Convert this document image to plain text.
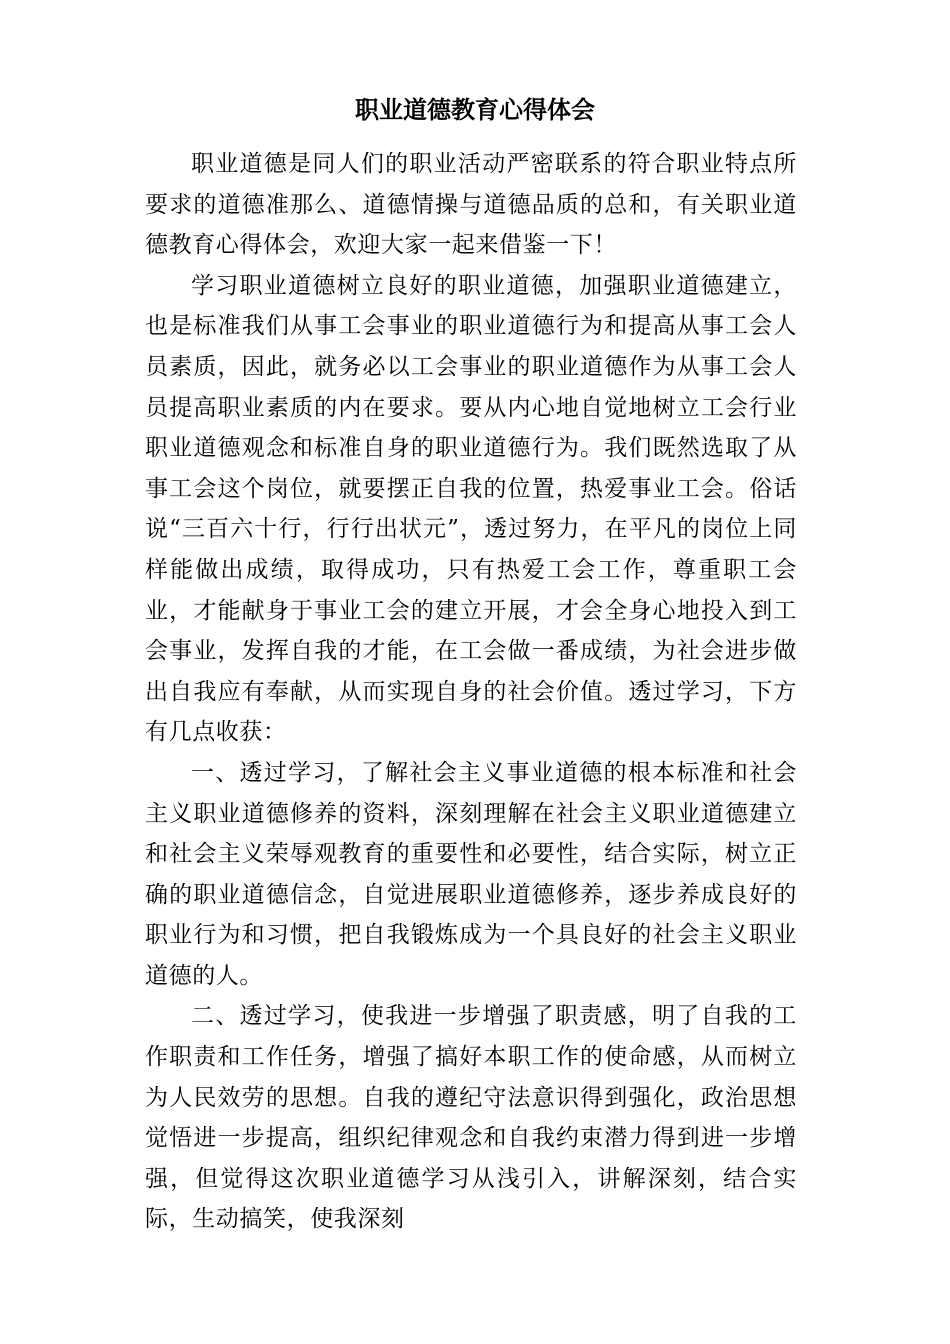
职业道德教育心得体会

职业道德是同人们的职业活动严密联系的符合职业特点所要求的道德准那么、道德情操与道德品质的总和，有关职业道德教育心得体会，欢迎大家一起来借鉴一下！

学习职业道德树立良好的职业道德，加强职业道德建立，也是标准我们从事工会事业的职业道德行为和提高从事工会人员素质，因此，就务必以工会事业的职业道德作为从事工会人员提高职业素质的内在要求。要从内心地自觉地树立工会行业职业道德观念和标准自身的职业道德行为。我们既然选取了从事工会这个岗位，就要摆正自我的位置，热爱事业工会。俗话说“三百六十行，行行出状元”，透过努力，在平凡的岗位上同样能做出成绩，取得成功，只有热爱工会工作，尊重职工会业，才能献身于事业工会的建立开展，才会全身心地投入到工会事业，发挥自我的才能，在工会做一番成绩，为社会进步做出自我应有奉献，从而实现自身的社会价值。透过学习，下方有几点收获：

一、透过学习，了解社会主义事业道德的根本标准和社会主义职业道德修养的资料，深刻理解在社会主义职业道德建立和社会主义荣辱观教育的重要性和必要性，结合实际，树立正确的职业道德信念，自觉进展职业道德修养，逐步养成良好的职业行为和习惯，把自我锻炼成为一个具良好的社会主义职业道德的人。

二、透过学习，使我进一步增强了职责感，明了自我的工作职责和工作任务，增强了搞好本职工作的使命感，从而树立为人民效劳的思想。自我的遵纪守法意识得到强化，政治思想觉悟进一步提高，组织纪律观念和自我约束潜力得到进一步增强，但觉得这次职业道德学习从浅引入，讲解深刻，结合实际，生动搞笑，使我深刻
